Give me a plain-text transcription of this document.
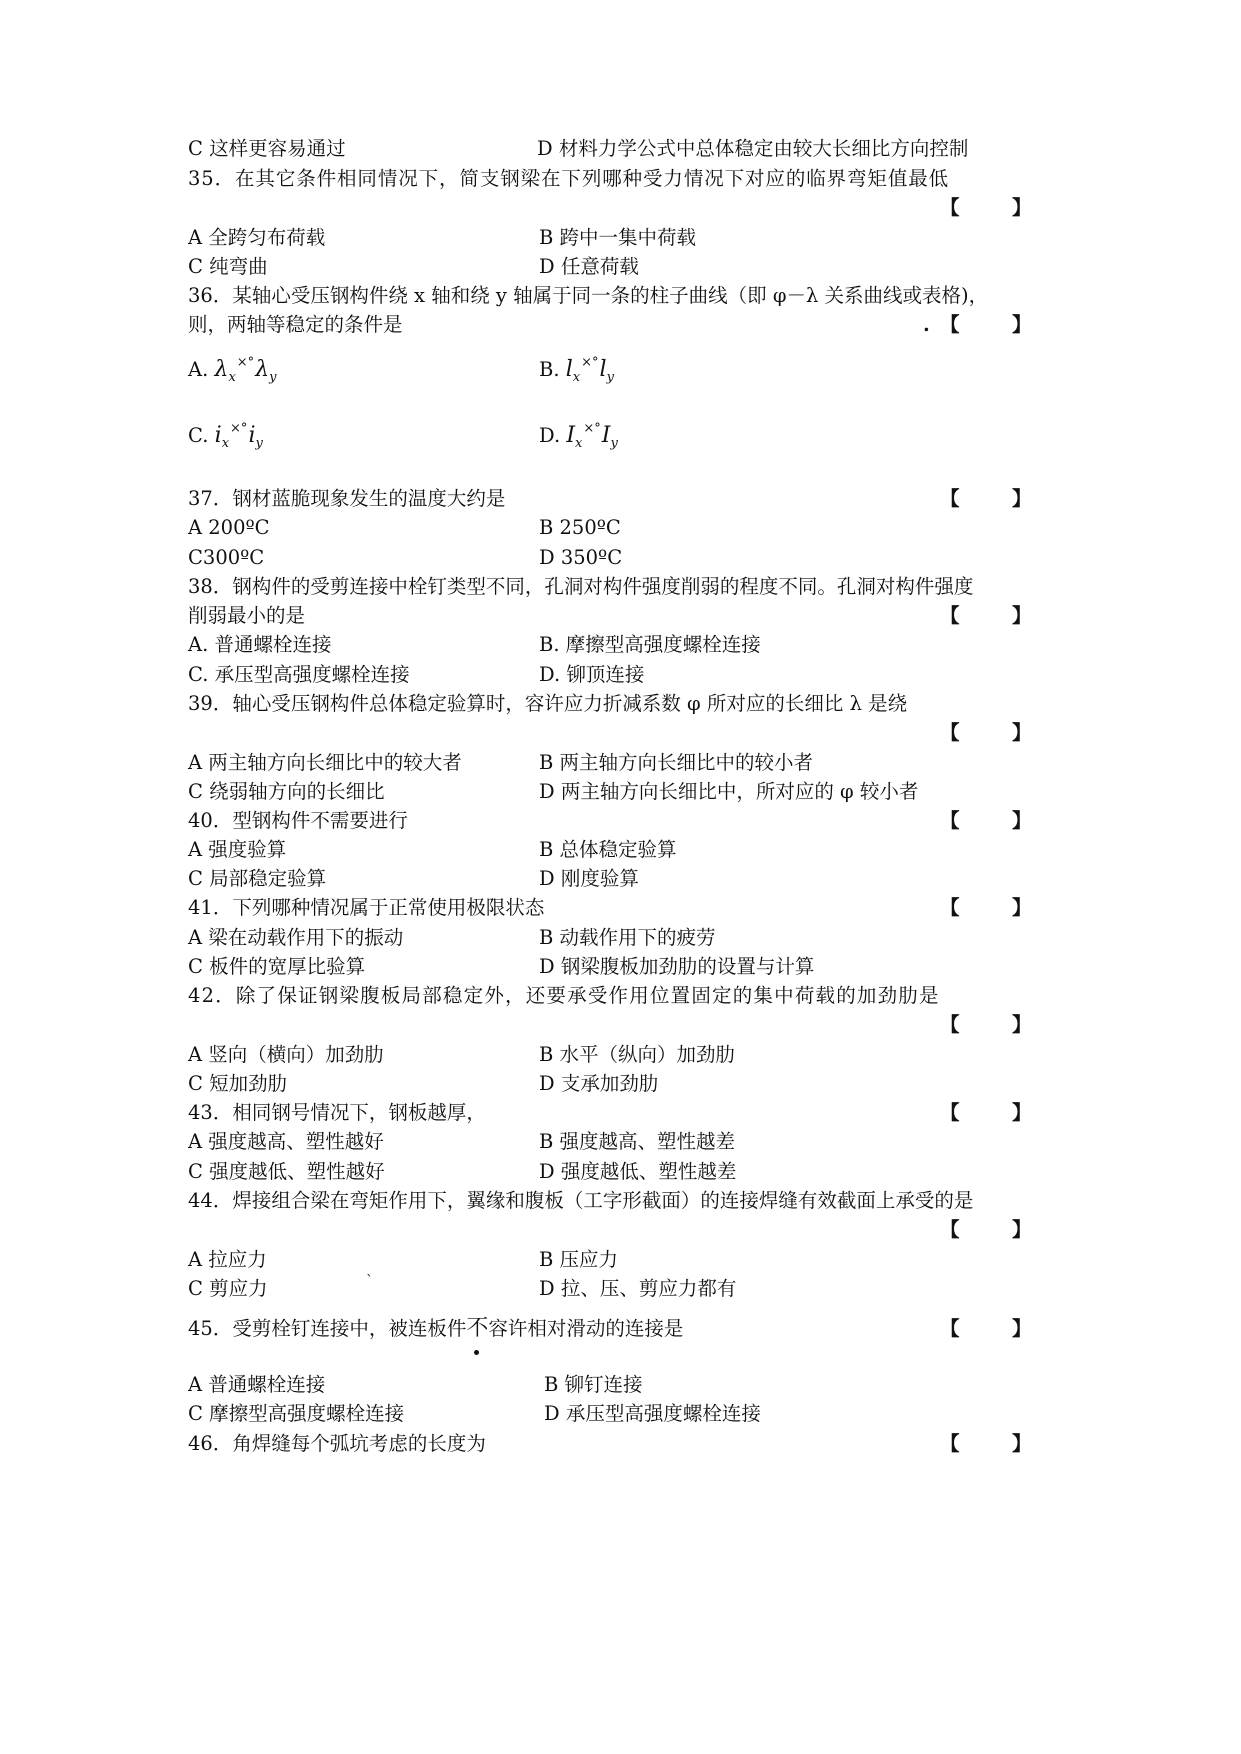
C 这样更容易通过	D 材料力学公式中总体稳定由较大长细比方向控制
35．在其它条件相同情况下，简支钢梁在下列哪种受力情况下对应的临界弯矩值最低
【	】
A 全跨匀布荷载	B 跨中一集中荷载
C 纯弯曲	D 任意荷载
36．某轴心受压钢构件绕 x 轴和绕 y 轴属于同一条的柱子曲线（即 φ－λ 关系曲线或表格)，
则，两轴等稳定的条件是	. 【	】
A. $\lambda_x^{\times^\circ}\lambda_y$	B. $l_x^{\times^\circ}l_y$
C. $i_x^{\times^\circ}i_y$	D. $I_x^{\times^\circ}I_y$
37．钢材蓝脆现象发生的温度大约是	【	】
A 200ºC	B 250ºC
C300ºC	D 350ºC
38．钢构件的受剪连接中栓钉类型不同，孔洞对构件强度削弱的程度不同。孔洞对构件强度
削弱最小的是	【	】
A. 普通螺栓连接	B. 摩擦型高强度螺栓连接
C. 承压型高强度螺栓连接	D. 铆顶连接
39．轴心受压钢构件总体稳定验算时，容许应力折减系数 φ 所对应的长细比 λ 是绕
【	】
A 两主轴方向长细比中的较大者	B 两主轴方向长细比中的较小者
C 绕弱轴方向的长细比	D 两主轴方向长细比中，所对应的 φ 较小者
40．型钢构件不需要进行	【	】
A 强度验算	B 总体稳定验算
C 局部稳定验算	D 刚度验算
41．下列哪种情况属于正常使用极限状态	【	】
A 梁在动载作用下的振动	B 动载作用下的疲劳
C 板件的宽厚比验算	D 钢梁腹板加劲肋的设置与计算
42．除了保证钢梁腹板局部稳定外，还要承受作用位置固定的集中荷载的加劲肋是
【	】
A 竖向（横向）加劲肋	B 水平（纵向）加劲肋
C 短加劲肋	D 支承加劲肋
43．相同钢号情况下，钢板越厚，	【	】
A 强度越高、塑性越好	B 强度越高、塑性越差
C 强度越低、塑性越好	D 强度越低、塑性越差
44．焊接组合梁在弯矩作用下，翼缘和腹板（工字形截面）的连接焊缝有效截面上承受的是
【	】
A 拉应力	B 压应力
C 剪应力	`	D 拉、压、剪应力都有
45．受剪栓钉连接中，被连板件不
容许相对滑动的连接是	【	】
A 普通螺栓连接	B 铆钉连接
C 摩擦型高强度螺栓连接	D 承压型高强度螺栓连接
46．角焊缝每个弧坑考虑的长度为	【	】
